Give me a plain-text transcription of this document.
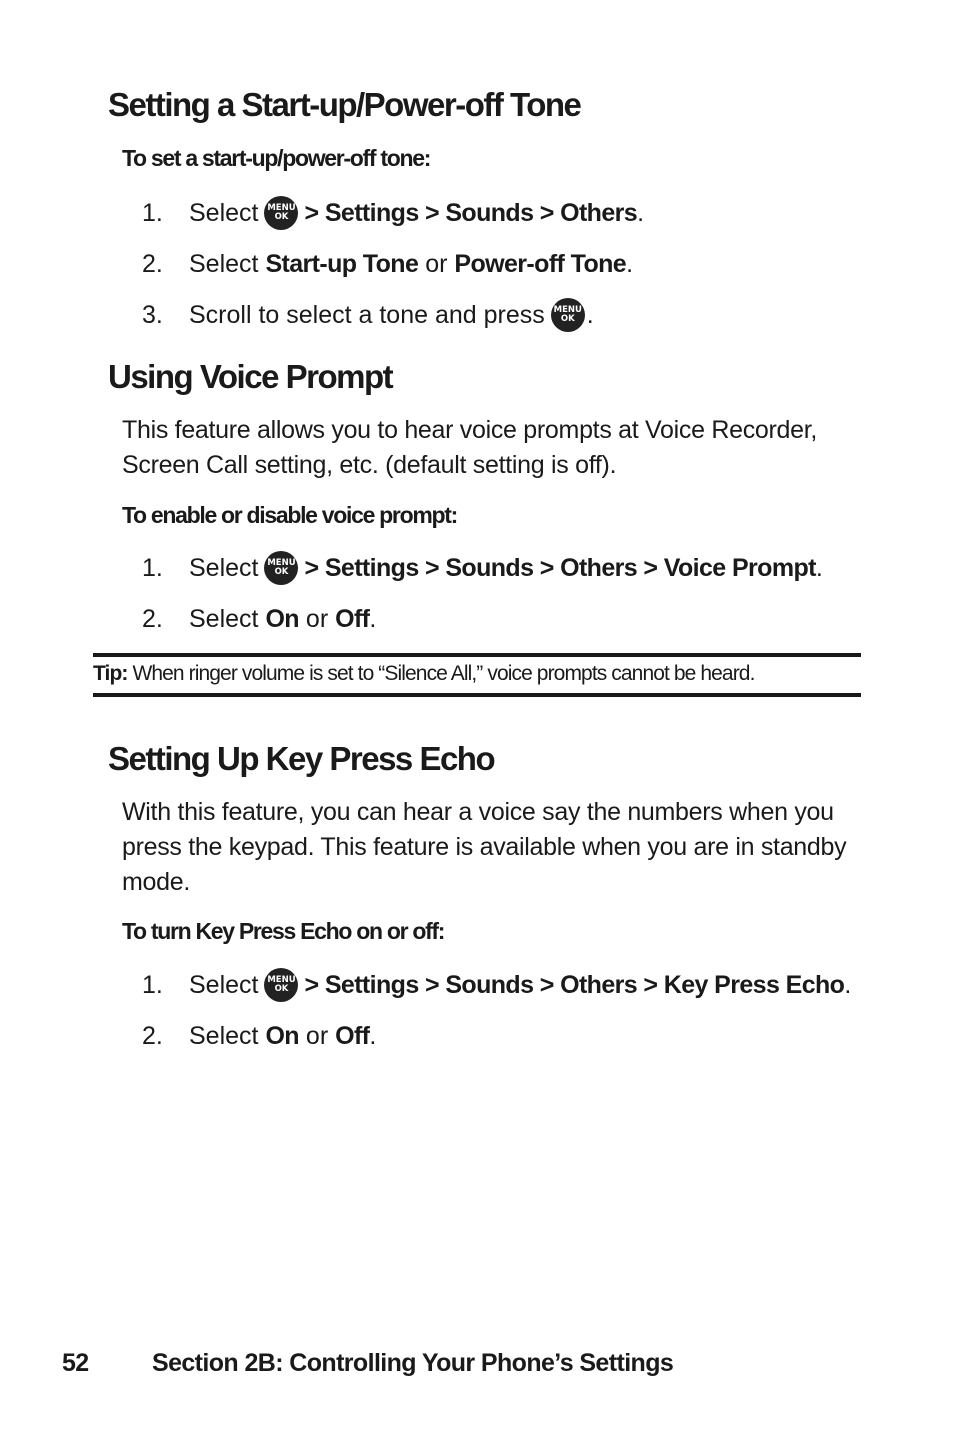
Setting a Start-up/Power-off Tone
To set a start-up/power-off tone:
1.	Select	MENU
OK > Settings > Sounds > Others .
2.	Select Start-up Tone or Power-off Tone .
3.	Scroll to select a tone and press	MENU
OK .
Using Voice Prompt
This feature allows you to hear voice prompts at Voice Recorder, Screen Call setting, etc. (default setting is off).
To enable or disable voice prompt:
1.	Select	MENU
OK > Settings > Sounds > Others > Voice Prompt .
2.	Select On or Off .
Tip: When ringer volume is set to “Silence All,” voice prompts cannot be heard.
Setting Up Key Press Echo
With this feature, you can hear a voice say the numbers when you press the keypad. This feature is available when you are in standby mode.
To turn Key Press Echo on or off:
1.	Select	MENU
OK > Settings > Sounds > Others > Key Press Echo .
2.	Select On or Off .
52	Section 2B: Controlling Your Phone’s Settings
